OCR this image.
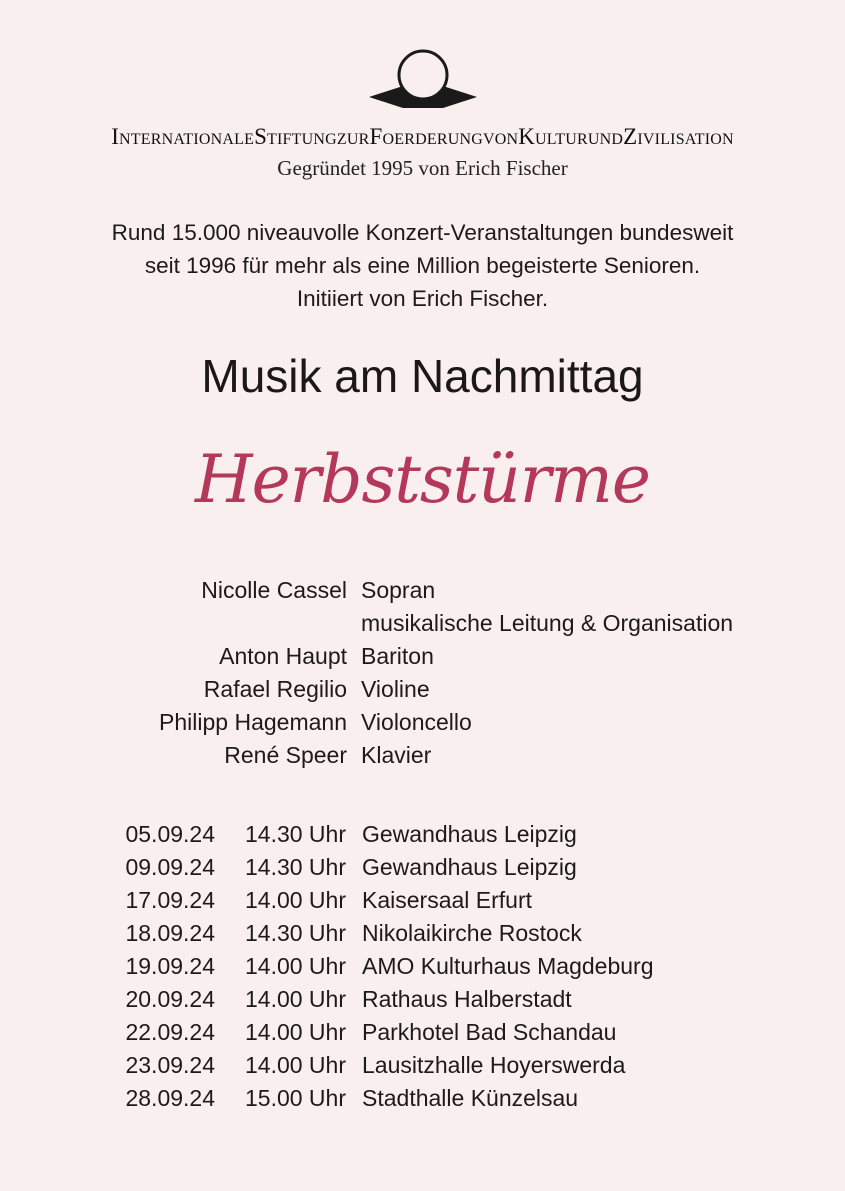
InternationaleStiftungzurFoerderungvonKulturundZivilisation
Gegründet 1995 von Erich Fischer
Rund 15.000 niveauvolle Konzert-Veranstaltungen bundesweit
seit 1996 für mehr als eine Million begeisterte Senioren.
Initiiert von Erich Fischer.
Musik am Nachmittag
Herbststürme
Nicolle Cassel Sopran
musikalische Leitung & Organisation
Anton Haupt Bariton
Rafael Regilio Violine
Philipp Hagemann Violoncello
René Speer Klavier
05.09.24 14.30 Uhr Gewandhaus Leipzig
09.09.24 14.30 Uhr Gewandhaus Leipzig
17.09.24 14.00 Uhr Kaisersaal Erfurt
18.09.24 14.30 Uhr Nikolaikirche Rostock
19.09.24 14.00 Uhr AMO Kulturhaus Magdeburg
20.09.24 14.00 Uhr Rathaus Halberstadt
22.09.24 14.00 Uhr Parkhotel Bad Schandau
23.09.24 14.00 Uhr Lausitzhalle Hoyerswerda
28.09.24 15.00 Uhr Stadthalle Künzelsau
